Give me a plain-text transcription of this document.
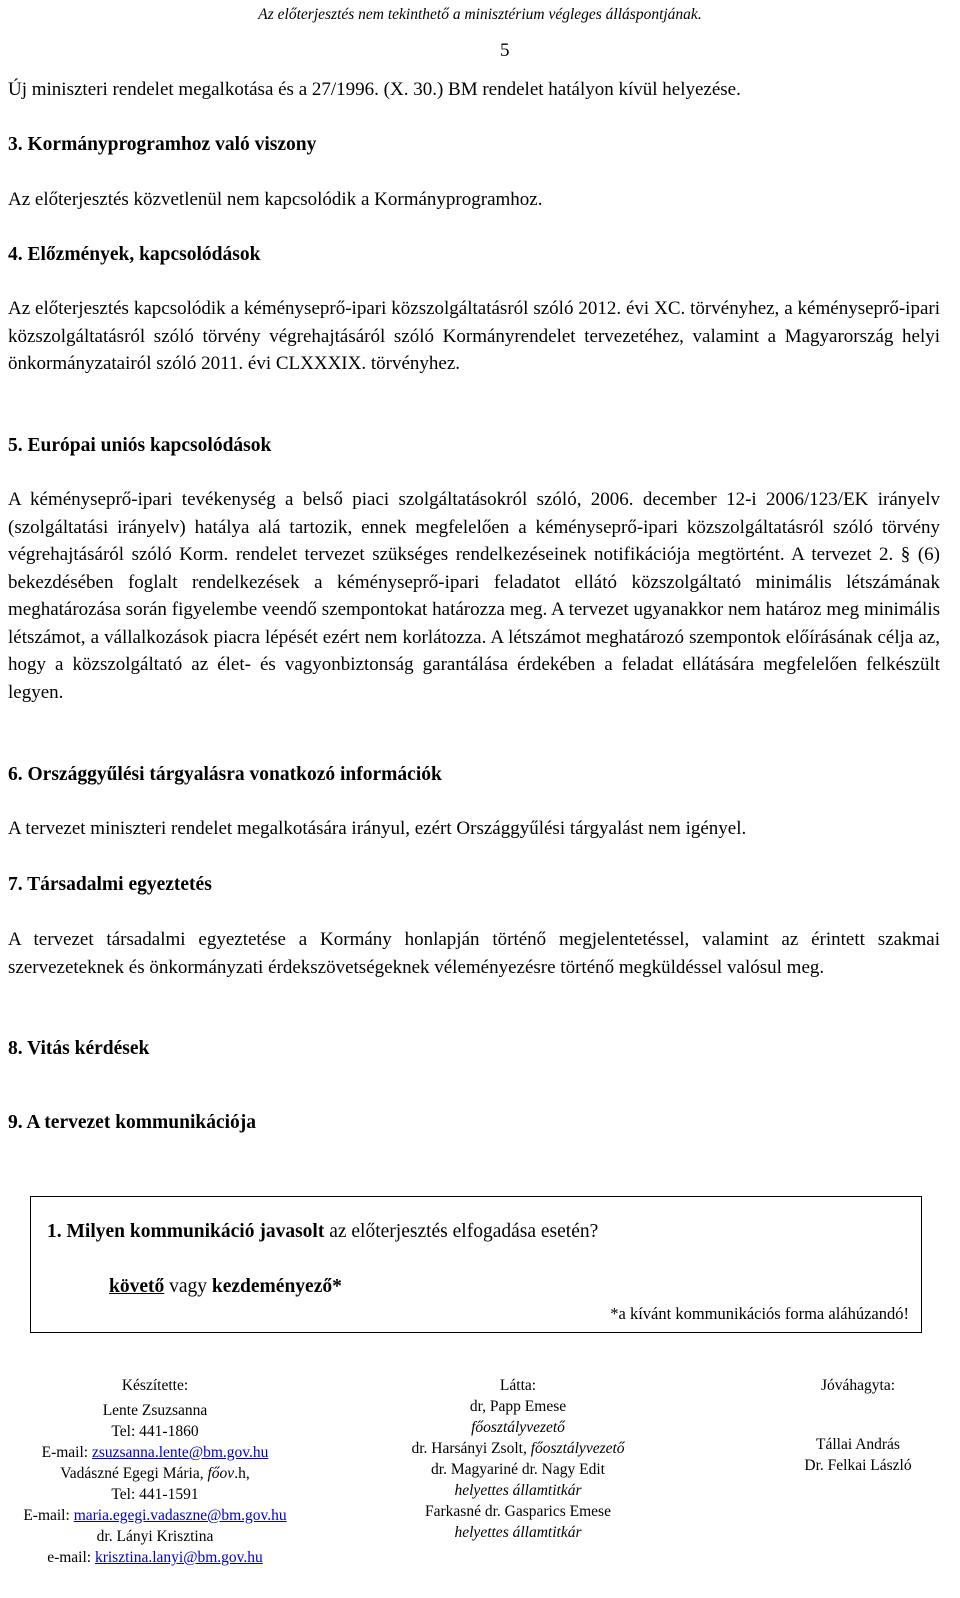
Az előterjesztés nem tekinthető a minisztérium végleges álláspontjának.
5
Új miniszteri rendelet megalkotása és a 27/1996. (X. 30.) BM rendelet hatályon kívül helyezése.
3. Kormányprogramhoz való viszony
Az előterjesztés közvetlenül nem kapcsolódik a Kormányprogramhoz.
4. Előzmények, kapcsolódások
Az előterjesztés kapcsolódik a kéményseprő-ipari közszolgáltatásról szóló 2012. évi XC. törvényhez, a kéményseprő-ipari közszolgáltatásról szóló törvény végrehajtásáról szóló Kormányrendelet tervezetéhez, valamint a Magyarország helyi önkormányzatairól szóló 2011. évi CLXXXIX. törvényhez.
5. Európai uniós kapcsolódások
A kéményseprő-ipari tevékenység a belső piaci szolgáltatásokról szóló, 2006. december 12-i 2006/123/EK irányelv (szolgáltatási irányelv) hatálya alá tartozik, ennek megfelelően a kéményseprő-ipari közszolgáltatásról szóló törvény végrehajtásáról szóló Korm. rendelet tervezet szükséges rendelkezéseinek notifikációja megtörtént. A tervezet 2. § (6) bekezdésében foglalt rendelkezések a kéményseprő-ipari feladatot ellátó közszolgáltató minimális létszámának meghatározása során figyelembe veendő szempontokat határozza meg. A tervezet ugyanakkor nem határoz meg minimális létszámot, a vállalkozások piacra lépését ezért nem korlátozza. A létszámot meghatározó szempontok előírásának célja az, hogy a közszolgáltató az élet- és vagyonbiztonság garantálása érdekében a feladat ellátására megfelelően felkészült legyen.
6. Országgyűlési tárgyalásra vonatkozó információk
A tervezet miniszteri rendelet megalkotására irányul, ezért Országgyűlési tárgyalást nem igényel.
7. Társadalmi egyeztetés
A tervezet társadalmi egyeztetése a Kormány honlapján történő megjelentetéssel, valamint az érintett szakmai szervezeteknek és önkormányzati érdekszövetségeknek véleményezésre történő megküldéssel valósul meg.
8. Vitás kérdések
9. A tervezet kommunikációja
1. Milyen kommunikáció javasolt az előterjesztés elfogadása esetén?
követő vagy kezdeményező*
*a kívánt kommunikációs forma aláhúzandó!
Készítette:
Lente Zsuzsanna
Tel: 441-1860
E-mail: zsuzsanna.lente@bm.gov.hu
Vadászné Egegi Mária, főov.h,
Tel: 441-1591
E-mail: maria.egegi.vadaszne@bm.gov.hu
dr. Lányi Krisztina
e-mail: krisztina.lanyi@bm.gov.hu
Látta:
dr, Papp Emese
főosztályvezető
dr. Harsányi Zsolt, főosztályvezető
dr. Magyariné dr. Nagy Edit
helyettes államtitkár
Farkasné dr. Gasparics Emese
helyettes államtitkár
Jóváhagyta:
Tállai András
Dr. Felkai László
